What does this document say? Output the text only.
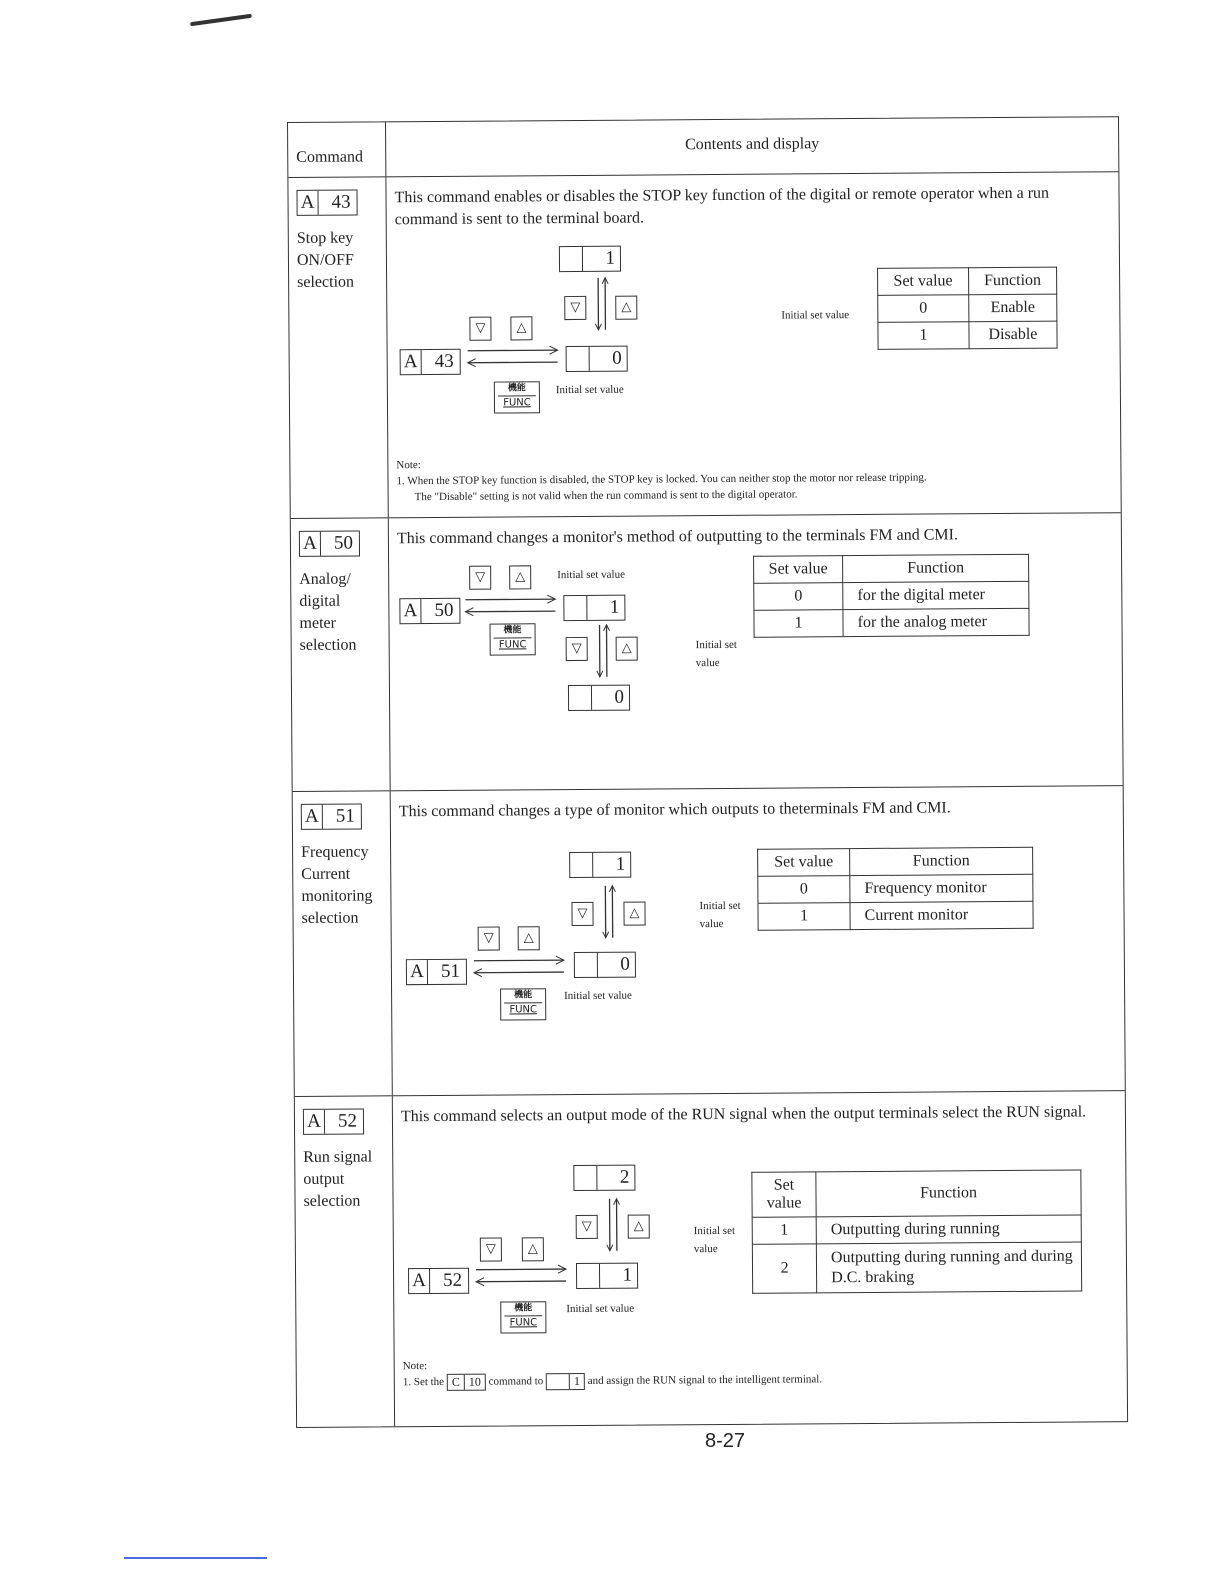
Command
Contents and display
A 43
Stop key ON/OFF selection
This command enables or disables the STOP key function of the digital or remote operator when a run command is sent to the terminal board.
1
▽	△
▽	△
A 43	0
機能
FUNC
Initial set value
Initial set value
Set value	Function
0	Enable
1	Disable
Note:
1. When the STOP key function is disabled, the STOP key is locked. You can neither stop the motor nor release tripping.
The "Disable" setting is not valid when the run command is sent to the digital operator.
A 50
Analog/ digital meter selection
This command changes a monitor's method of outputting to the terminals FM and CMI.
▽	△	Initial set value
A 50	1
機能
FUNC	▽	△
0
Initial set value
Set value	Function
0	for the digital meter
1	for the analog meter
A 51
Frequency Current monitoring selection
This command changes a type of monitor which outputs to theterminals FM and CMI.
1
▽	△
▽	△
A 51	0
機能
FUNC
Initial set value
Initial set value
Set value	Function
0	Frequency monitor
1	Current monitor
A 52
Run signal output selection
This command selects an output mode of the RUN signal when the output terminals select the RUN signal.
2
▽	△
▽	△
A 52	1
機能
FUNC
Initial set value
Initial set value
Set value	Function
1	Outputting during running
2	Outputting during running and during D.C. braking
Note:
1. Set the C 10 command to	1 and assign the RUN signal to the intelligent terminal.
8-27
